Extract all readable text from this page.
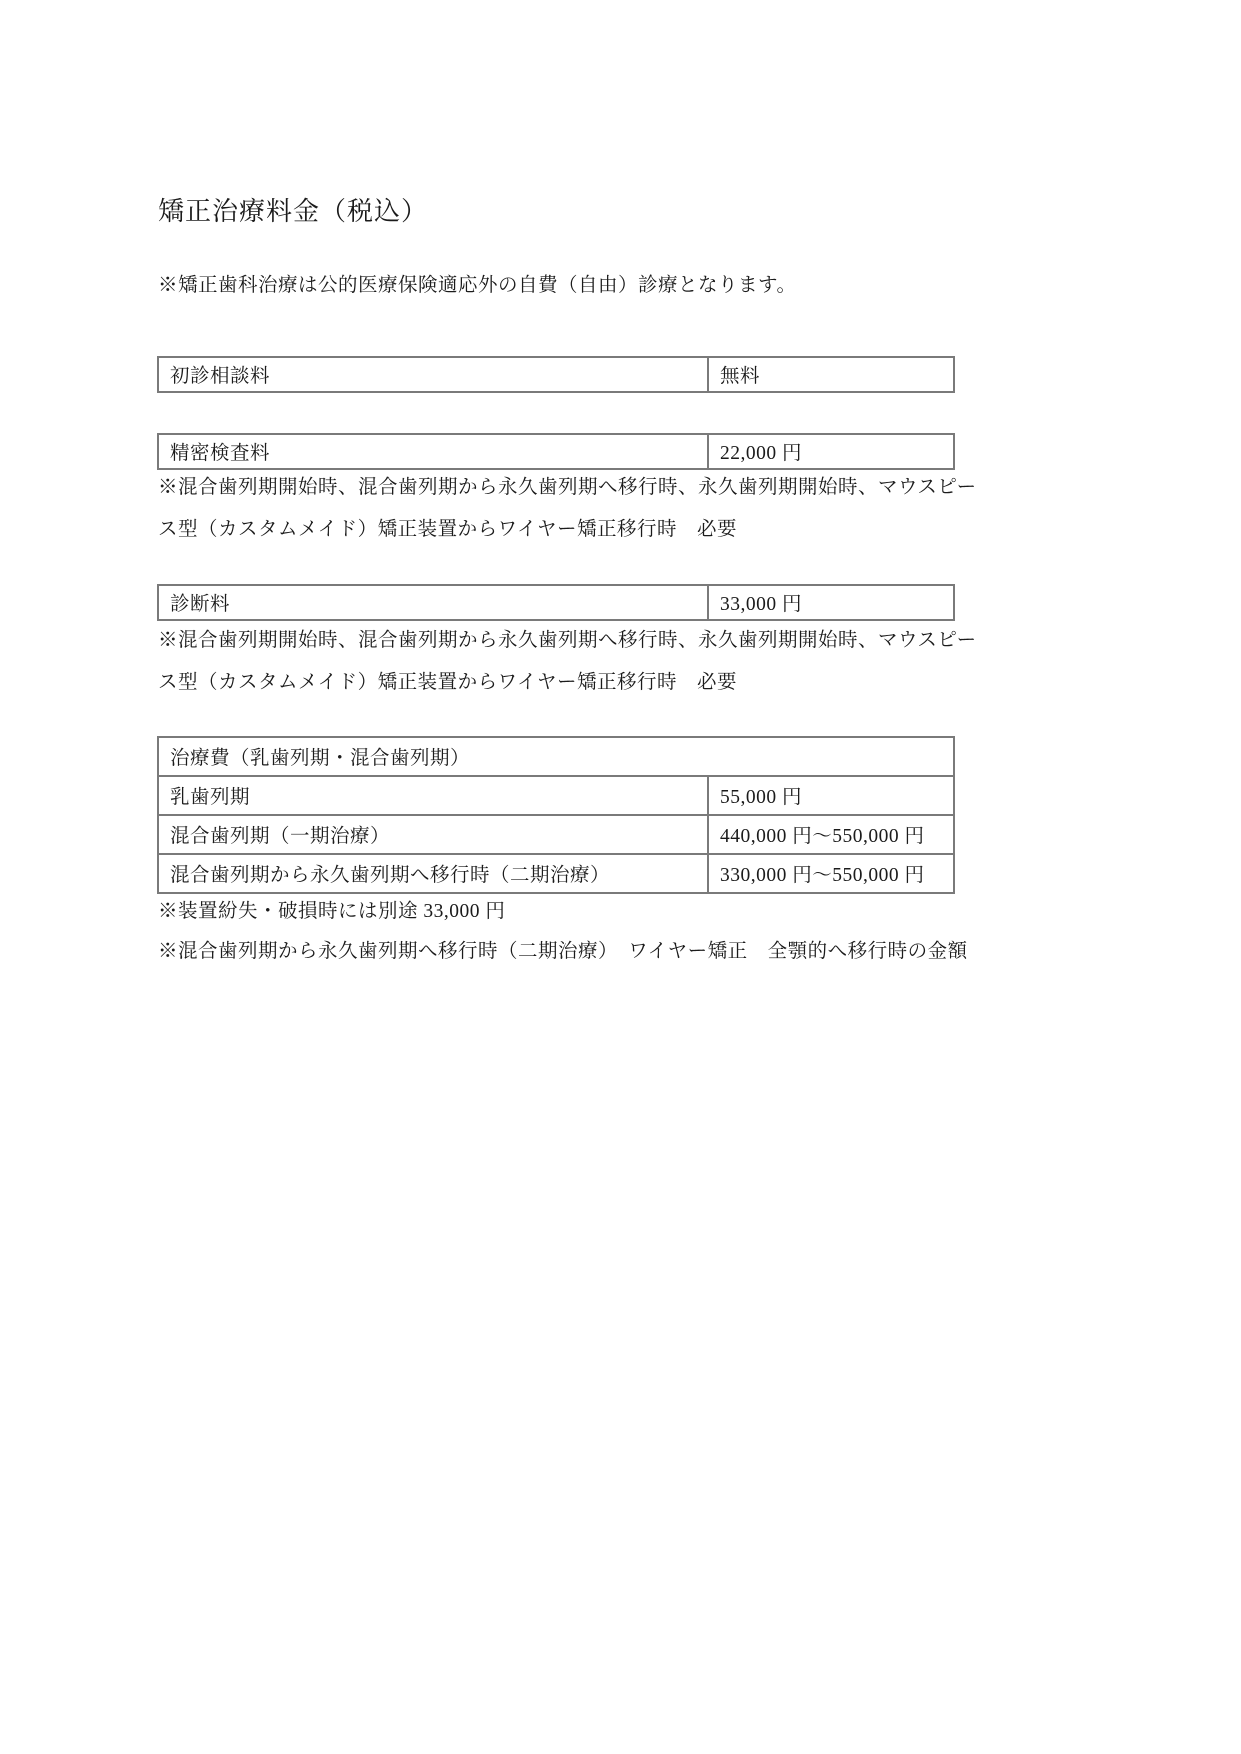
矯正治療料金（税込）

※矯正歯科治療は公的医療保険適応外の自費（自由）診療となります。

初診相談料	無料
精密検査料	22,000 円
※混合歯列期開始時、混合歯列期から永久歯列期へ移行時、永久歯列期開始時、マウスピー
ス型（カスタムメイド）矯正装置からワイヤー矯正移行時　必要
診断料	33,000 円
※混合歯列期開始時、混合歯列期から永久歯列期へ移行時、永久歯列期開始時、マウスピー
ス型（カスタムメイド）矯正装置からワイヤー矯正移行時　必要
治療費（乳歯列期・混合歯列期）	
乳歯列期	55,000 円
混合歯列期（一期治療）	440,000 円～550,000 円
混合歯列期から永久歯列期へ移行時（二期治療）	330,000 円～550,000 円
※装置紛失・破損時には別途 33,000 円
※混合歯列期から永久歯列期へ移行時（二期治療）　ワイヤー矯正　全顎的へ移行時の金額
